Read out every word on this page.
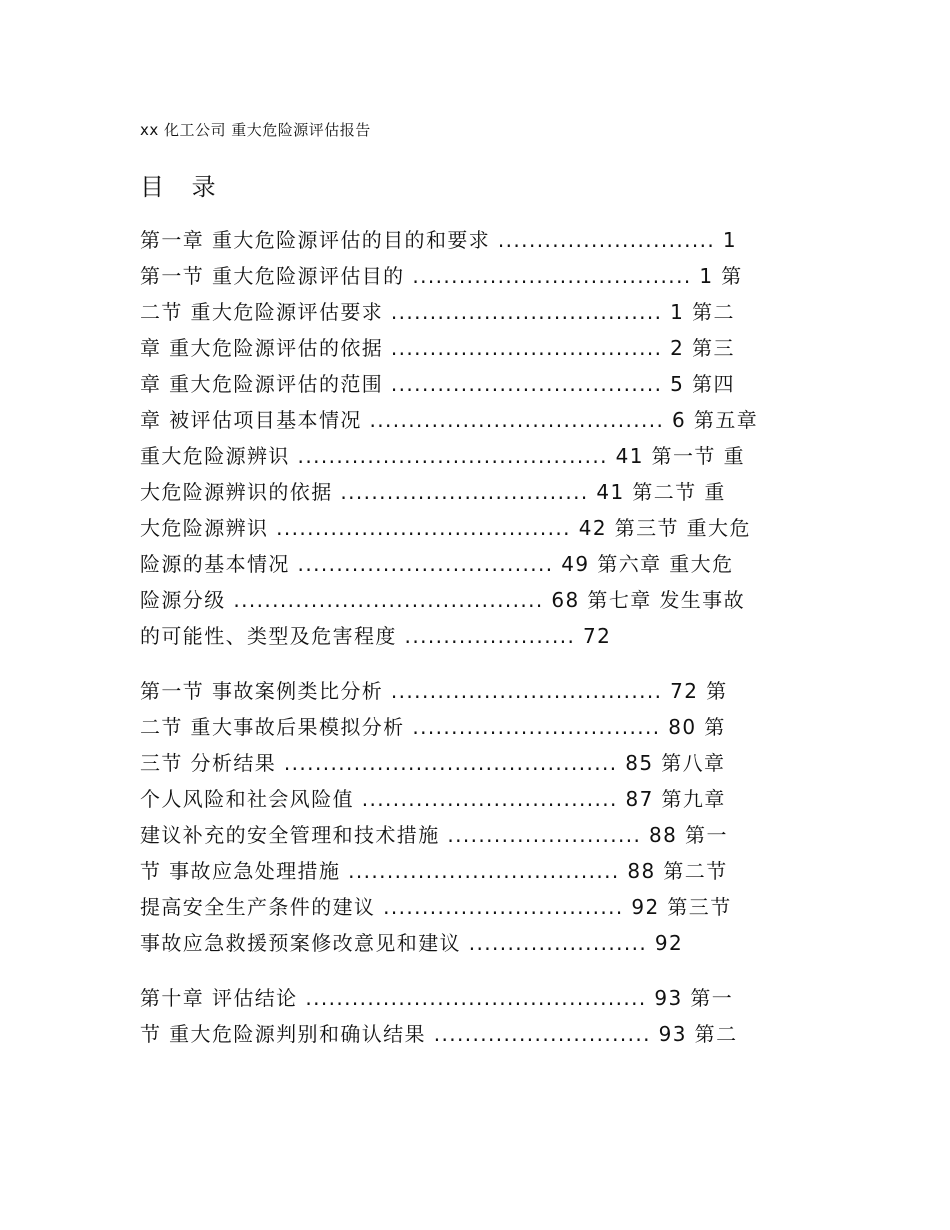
xx 化工公司 重大危险源评估报告
目 录
第一章 重大危险源评估的目的和要求 ............................ 1
第一节 重大危险源评估目的 .................................... 1 第
二节 重大危险源评估要求 ................................... 1 第二
章 重大危险源评估的依据 ................................... 2 第三
章 重大危险源评估的范围 ................................... 5 第四
章 被评估项目基本情况 ...................................... 6 第五章
重大危险源辨识 ........................................ 41 第一节 重
大危险源辨识的依据 ................................ 41 第二节 重
大危险源辨识 ...................................... 42 第三节 重大危
险源的基本情况 ................................. 49 第六章 重大危
险源分级 ........................................ 68 第七章 发生事故
的可能性、类型及危害程度 ...................... 72
第一节 事故案例类比分析 ................................... 72 第
二节 重大事故后果模拟分析 ................................ 80 第
三节 分析结果 ........................................... 85 第八章
个人风险和社会风险值 ................................. 87 第九章
建议补充的安全管理和技术措施 ......................... 88 第一
节 事故应急处理措施 ................................... 88 第二节
提高安全生产条件的建议 ............................... 92 第三节
事故应急救援预案修改意见和建议 ....................... 92
第十章 评估结论 ............................................ 93 第一
节 重大危险源判别和确认结果 ............................ 93 第二
